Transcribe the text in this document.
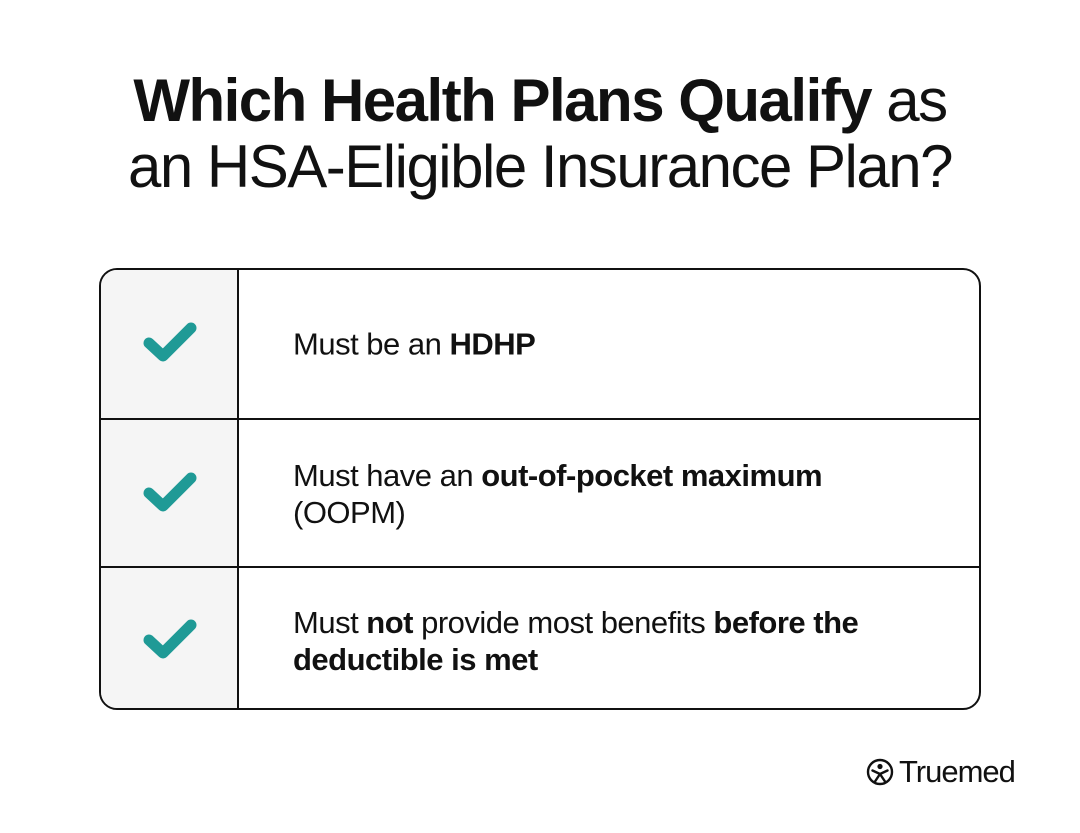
Which Health Plans Qualify as
an HSA-Eligible Insurance Plan?
Must be an HDHP
Must have an out-of-pocket maximum (OOPM)
Must not provide most benefits before the deductible is met
Truemed
